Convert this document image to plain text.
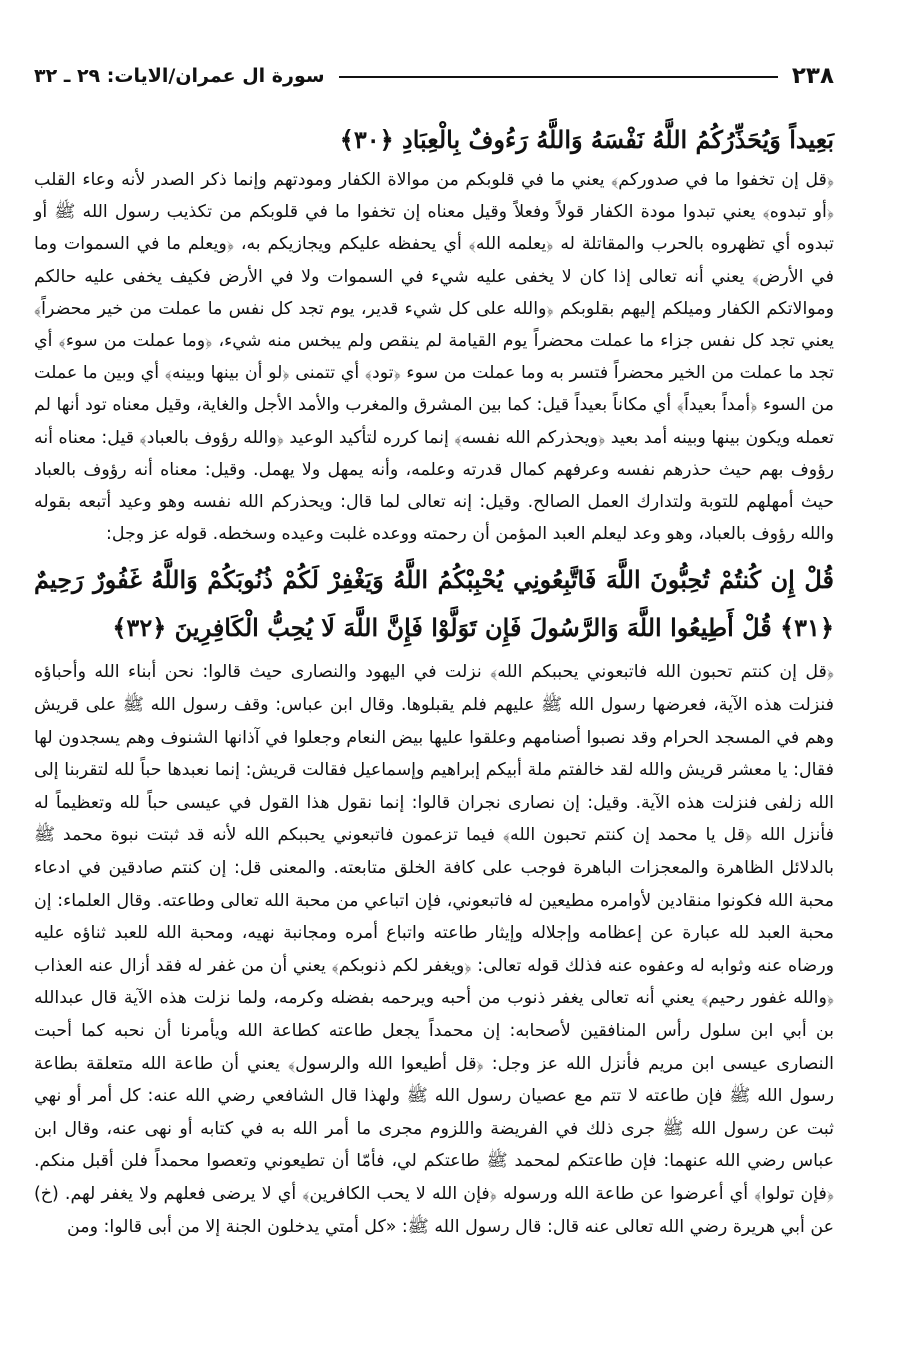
٢٣٨
سورة ال عمران/الايات: ٢٩ ـ ٣٢
بَعِيداً وَيُحَذِّرُكُمُ اللَّهُ نَفْسَهُ وَاللَّهُ رَءُوفٌ بِالْعِبَادِ ﴿٣٠﴾

﴿قل إن تخفوا ما في صدوركم﴾ يعني ما في قلوبكم من موالاة الكفار ومودتهم وإنما ذكر الصدر لأنه وعاء القلب ﴿أو تبدوه﴾ يعني تبدوا مودة الكفار قولاً وفعلاً وقيل معناه إن تخفوا ما في قلوبكم من تكذيب رسول الله ﷺ أو تبدوه أي تظهروه بالحرب والمقاتلة له ﴿يعلمه الله﴾ أي يحفظه عليكم ويجازيكم به، ﴿ويعلم ما في السموات وما في الأرض﴾ يعني أنه تعالى إذا كان لا يخفى عليه شيء في السموات ولا في الأرض فكيف يخفى عليه حالكم وموالاتكم الكفار وميلكم إليهم بقلوبكم ﴿والله على كل شيء قدير، يوم تجد كل نفس ما عملت من خير محضراً﴾ يعني تجد كل نفس جزاء ما عملت محضراً يوم القيامة لم ينقص ولم يبخس منه شيء، ﴿وما عملت من سوء﴾ أي تجد ما عملت من الخير محضراً فتسر به وما عملت من سوء ﴿تود﴾ أي تتمنى ﴿لو أن بينها وبينه﴾ أي وبين ما عملت من السوء ﴿أمداً بعيداً﴾ أي مكاناً بعيداً قيل: كما بين المشرق والمغرب والأمد الأجل والغاية، وقيل معناه تود أنها لم تعمله ويكون بينها وبينه أمد بعيد ﴿ويحذركم الله نفسه﴾ إنما كرره لتأكيد الوعيد ﴿والله رؤوف بالعباد﴾ قيل: معناه أنه رؤوف بهم حيث حذرهم نفسه وعرفهم كمال قدرته وعلمه، وأنه يمهل ولا يهمل. وقيل: معناه أنه رؤوف بالعباد حيث أمهلهم للتوبة ولتدارك العمل الصالح. وقيل: إنه تعالى لما قال: ويحذركم الله نفسه وهو وعيد أتبعه بقوله والله رؤوف بالعباد، وهو وعد ليعلم العبد المؤمن أن رحمته ووعده غلبت وعيده وسخطه. قوله عز وجل:

قُلْ إِن كُنتُمْ تُحِبُّونَ اللَّهَ فَاتَّبِعُونِي يُحْبِبْكُمُ اللَّهُ وَيَغْفِرْ لَكُمْ ذُنُوبَكُمْ وَاللَّهُ غَفُورٌ رَحِيمٌ ﴿٣١﴾ قُلْ أَطِيعُوا اللَّهَ وَالرَّسُولَ فَإِن تَوَلَّوْا فَإِنَّ اللَّهَ لَا يُحِبُّ الْكَافِرِينَ ﴿٣٢﴾

﴿قل إن كنتم تحبون الله فاتبعوني يحببكم الله﴾ نزلت في اليهود والنصارى حيث قالوا: نحن أبناء الله وأحباؤه فنزلت هذه الآية، فعرضها رسول الله ﷺ عليهم فلم يقبلوها. وقال ابن عباس: وقف رسول الله ﷺ على قريش وهم في المسجد الحرام وقد نصبوا أصنامهم وعلقوا عليها بيض النعام وجعلوا في آذانها الشنوف وهم يسجدون لها فقال: يا معشر قريش والله لقد خالفتم ملة أبيكم إبراهيم وإسماعيل فقالت قريش: إنما نعبدها حباً لله لتقربنا إلى الله زلفى فنزلت هذه الآية. وقيل: إن نصارى نجران قالوا: إنما نقول هذا القول في عيسى حباً لله وتعظيماً له فأنزل الله ﴿قل يا محمد إن كنتم تحبون الله﴾ فيما تزعمون فاتبعوني يحببكم الله لأنه قد ثبتت نبوة محمد ﷺ بالدلائل الظاهرة والمعجزات الباهرة فوجب على كافة الخلق متابعته. والمعنى قل: إن كنتم صادقين في ادعاء محبة الله فكونوا منقادين لأوامره مطيعين له فاتبعوني، فإن اتباعي من محبة الله تعالى وطاعته. وقال العلماء: إن محبة العبد لله عبارة عن إعظامه وإجلاله وإيثار طاعته واتباع أمره ومجانبة نهيه، ومحبة الله للعبد ثناؤه عليه ورضاه عنه وثوابه له وعفوه عنه فذلك قوله تعالى: ﴿ويغفر لكم ذنوبكم﴾ يعني أن من غفر له فقد أزال عنه العذاب ﴿والله غفور رحيم﴾ يعني أنه تعالى يغفر ذنوب من أحبه ويرحمه بفضله وكرمه، ولما نزلت هذه الآية قال عبدالله بن أبي ابن سلول رأس المنافقين لأصحابه: إن محمداً يجعل طاعته كطاعة الله ويأمرنا أن نحبه كما أحبت النصارى عيسى ابن مريم فأنزل الله عز وجل: ﴿قل أطيعوا الله والرسول﴾ يعني أن طاعة الله متعلقة بطاعة رسول الله ﷺ فإن طاعته لا تتم مع عصيان رسول الله ﷺ ولهذا قال الشافعي رضي الله عنه: كل أمر أو نهي ثبت عن رسول الله ﷺ جرى ذلك في الفريضة واللزوم مجرى ما أمر الله به في كتابه أو نهى عنه، وقال ابن عباس رضي الله عنهما: فإن طاعتكم لمحمد ﷺ طاعتكم لي، فأمّا أن تطيعوني وتعصوا محمداً فلن أقبل منكم. ﴿فإن تولوا﴾ أي أعرضوا عن طاعة الله ورسوله ﴿فإن الله لا يحب الكافرين﴾ أي لا يرضى فعلهم ولا يغفر لهم. (خ) عن أبي هريرة رضي الله تعالى عنه قال: قال رسول الله ﷺ: «كل أمتي يدخلون الجنة إلا من أبى قالوا: ومن
